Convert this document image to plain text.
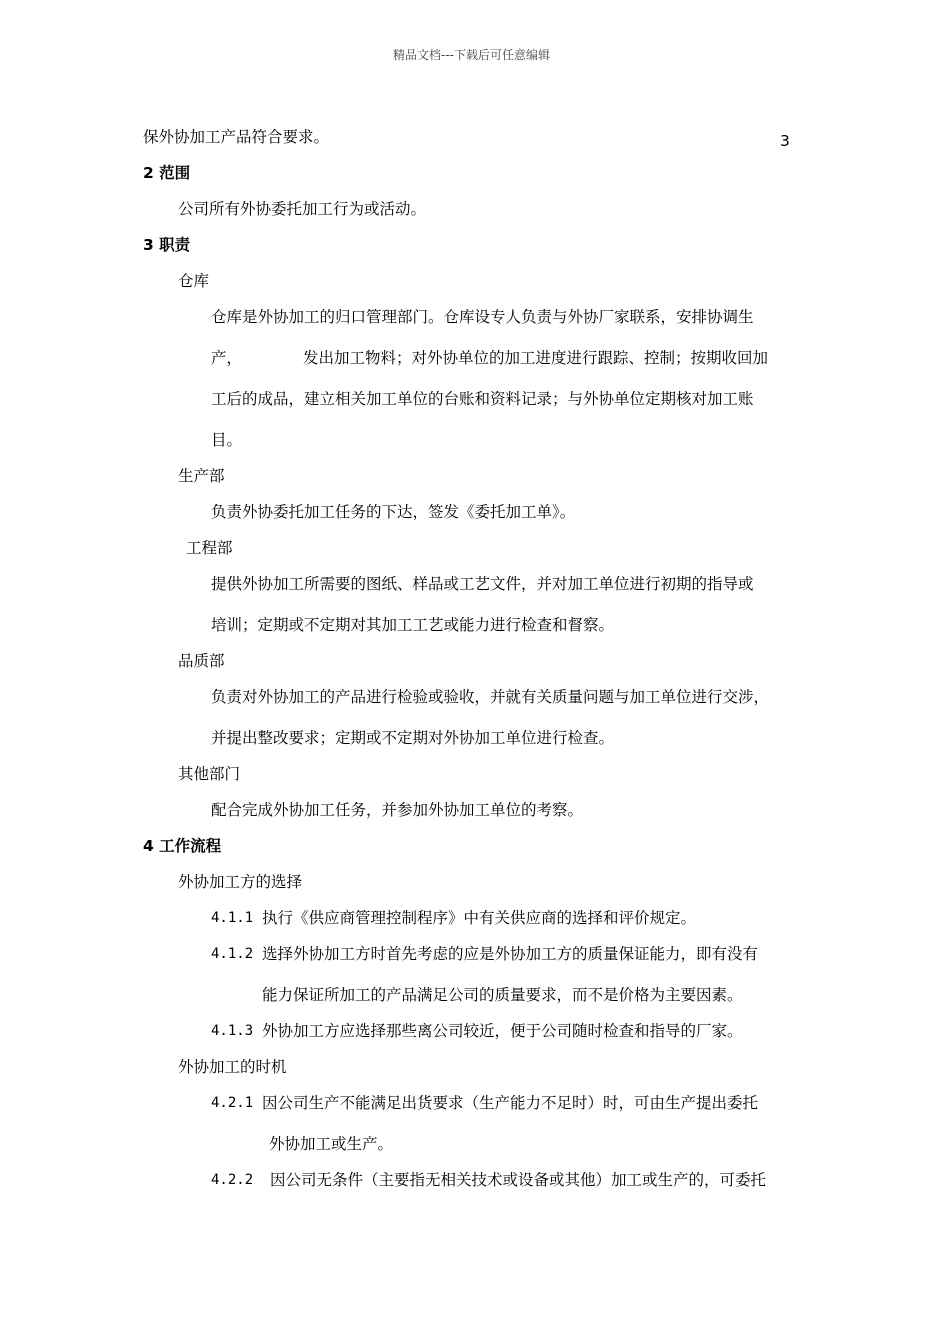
精品文档---下载后可任意编辑
3
保外协加工产品符合要求。
2 范围
公司所有外协委托加工行为或活动。
3 职责
仓库
仓库是外协加工的归口管理部门。仓库设专人负责与外协厂家联系，安排协调生
产，	发出加工物料；对外协单位的加工进度进行跟踪、控制；按期收回加
工后的成品，建立相关加工单位的台账和资料记录；与外协单位定期核对加工账
目。
生产部
负责外协委托加工任务的下达，签发《委托加工单》。
工程部
提供外协加工所需要的图纸、样品或工艺文件，并对加工单位进行初期的指导或
培训；定期或不定期对其加工工艺或能力进行检查和督察。
品质部
负责对外协加工的产品进行检验或验收，并就有关质量问题与加工单位进行交涉，
并提出整改要求；定期或不定期对外协加工单位进行检查。
其他部门
配合完成外协加工任务，并参加外协加工单位的考察。
4 工作流程
外协加工方的选择
4.1.1 执行《供应商管理控制程序》中有关供应商的选择和评价规定。
4.1.2 选择外协加工方时首先考虑的应是外协加工方的质量保证能力，即有没有
能力保证所加工的产品满足公司的质量要求，而不是价格为主要因素。
4.1.3 外协加工方应选择那些离公司较近，便于公司随时检查和指导的厂家。
外协加工的时机
4.2.1 因公司生产不能满足出货要求（生产能力不足时）时，可由生产提出委托
外协加工或生产。
4.2.2 因公司无条件（主要指无相关技术或设备或其他）加工或生产的，可委托
